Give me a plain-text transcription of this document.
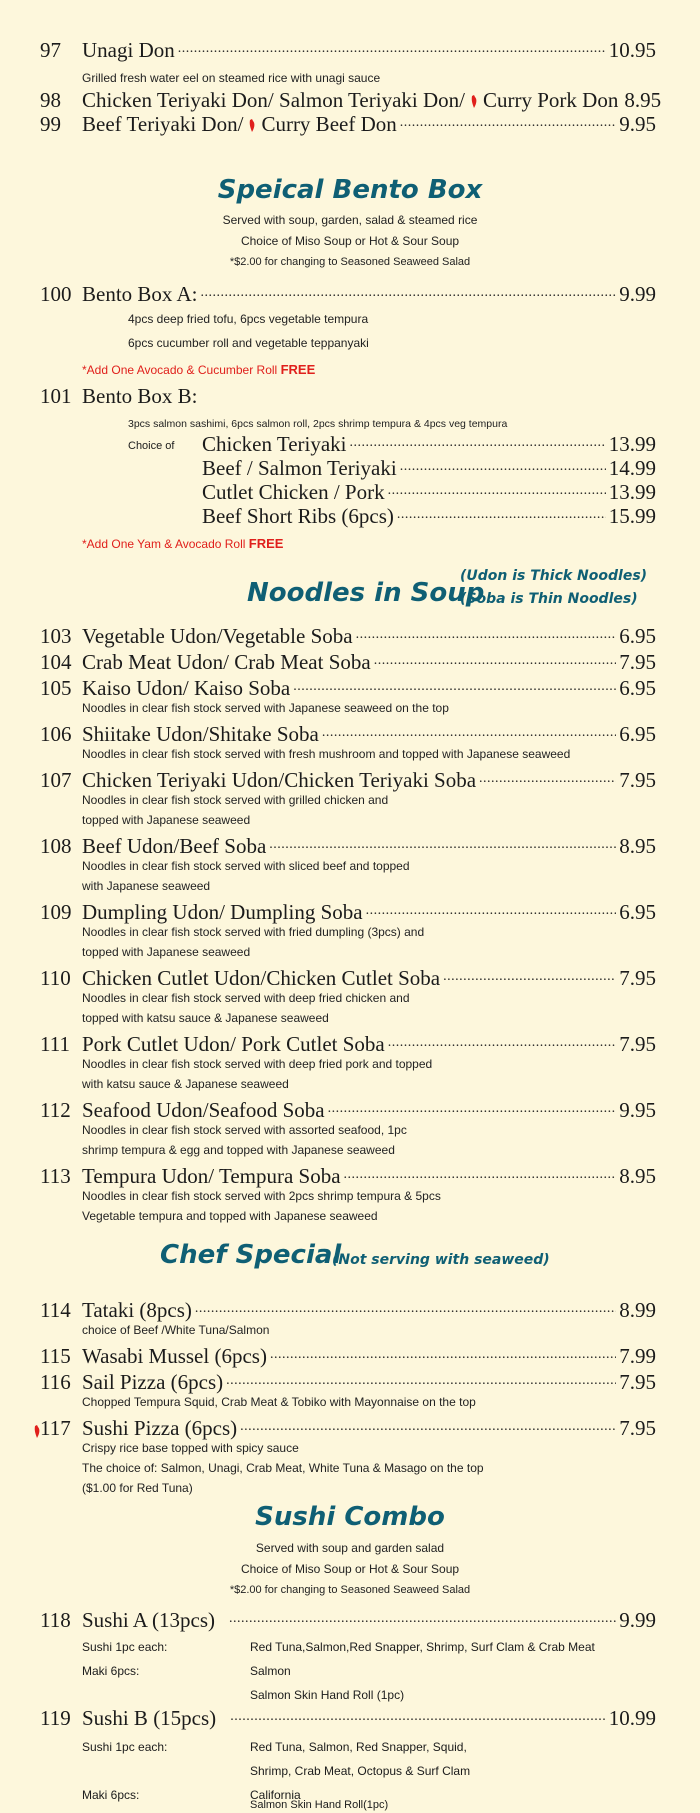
97	Unagi Don .....	10.95
Grilled fresh water eel on steamed rice with unagi sauce
98	Chicken Teriyaki Don/ Salmon Teriyaki Don/ Curry Pork Don 8.95
99	Beef Teriyaki Don/ Curry Beef Don .....	9.95
Speical Bento Box
Served with soup, garden, salad & steamed rice
Choice of Miso Soup or Hot & Sour Soup
*$2.00 for changing to Seasoned Seaweed Salad
100 Bento Box A: .....	9.99
4pcs deep fried tofu, 6pcs vegetable tempura
6pcs cucumber roll and vegetable teppanyaki
*Add One Avocado & Cucumber Roll FREE
101 Bento Box B:
3pcs salmon sashimi, 6pcs salmon roll, 2pcs shrimp tempura & 4pcs veg tempura
Choice of Chicken Teriyaki .....	13.99
Beef / Salmon Teriyaki .....	14.99
Cutlet Chicken / Pork .....	13.99
Beef Short Ribs (6pcs) .....	15.99
*Add One Yam & Avocado Roll FREE
Noodles in Soup
(Udon is Thick Noodles)
(Soba is Thin Noodles)
103 Vegetable Udon/Vegetable Soba .....	6.95
104 Crab Meat Udon/ Crab Meat Soba .....	7.95
105 Kaiso Udon/ Kaiso Soba .....	6.95
Noodles in clear fish stock served with Japanese seaweed on the top
106 Shiitake Udon/Shitake Soba .....	6.95
Noodles in clear fish stock served with fresh mushroom and topped with Japanese seaweed
107 Chicken Teriyaki Udon/Chicken Teriyaki Soba .....	7.95
Noodles in clear fish stock served with grilled chicken and
topped with Japanese seaweed
108 Beef Udon/Beef Soba .....	8.95
Noodles in clear fish stock served with sliced beef and topped
with Japanese seaweed
109 Dumpling Udon/ Dumpling Soba .....	6.95
Noodles in clear fish stock served with fried dumpling (3pcs) and
topped with Japanese seaweed
110 Chicken Cutlet Udon/Chicken Cutlet Soba .....	7.95
Noodles in clear fish stock served with deep fried chicken and
topped with katsu sauce & Japanese seaweed
111 Pork Cutlet Udon/ Pork Cutlet Soba .....	7.95
Noodles in clear fish stock served with deep fried pork and topped
with katsu sauce & Japanese seaweed
112 Seafood Udon/Seafood Soba .....	9.95
Noodles in clear fish stock served with assorted seafood, 1pc
shrimp tempura & egg and topped with Japanese seaweed
113 Tempura Udon/ Tempura Soba .....	8.95
Noodles in clear fish stock served with 2pcs shrimp tempura & 5pcs
Vegetable tempura and topped with Japanese seaweed
Chef Special
(Not serving with seaweed)
114 Tataki (8pcs) .....	8.99
choice of Beef /White Tuna/Salmon
115 Wasabi Mussel (6pcs) .....	7.99
116 Sail Pizza (6pcs) .....	7.95
Chopped Tempura Squid, Crab Meat & Tobiko with Mayonnaise on the top
117 Sushi Pizza (6pcs) .....	7.95
Crispy rice base topped with spicy sauce
The choice of: Salmon, Unagi, Crab Meat, White Tuna & Masago on the top
($1.00 for Red Tuna)
Sushi Combo
Served with soup and garden salad
Choice of Miso Soup or Hot & Sour Soup
*$2.00 for changing to Seasoned Seaweed Salad
118 Sushi A (13pcs) .....	9.99
Sushi 1pc each:	Red Tuna,Salmon,Red Snapper, Shrimp, Surf Clam & Crab Meat
Maki 6pcs:	Salmon
Salmon Skin Hand Roll (1pc)
119 Sushi B (15pcs) .....	10.99
Sushi 1pc each:	Red Tuna, Salmon, Red Snapper, Squid,
Shrimp, Crab Meat, Octopus & Surf Clam
Maki 6pcs:	California
Salmon Skin Hand Roll(1pc)
